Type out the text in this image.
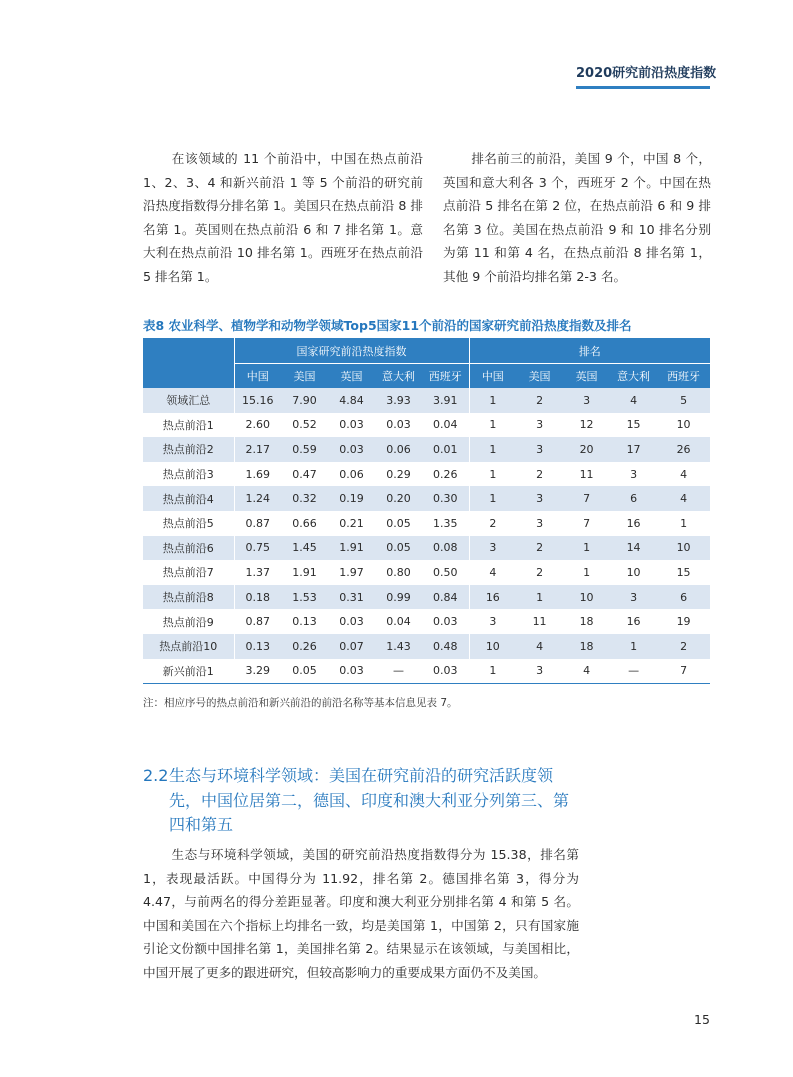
2020研究前沿热度指数

在该领域的 11 个前沿中，中国在热点前沿 1、2、3、4 和新兴前沿 1 等 5 个前沿的研究前沿热度指数得分排名第 1。美国只在热点前沿 8 排名第 1。英国则在热点前沿 6 和 7 排名第 1。意大利在热点前沿 10 排名第 1。西班牙在热点前沿 5 排名第 1。

排名前三的前沿，美国 9 个，中国 8 个，英国和意大利各 3 个，西班牙 2 个。中国在热点前沿 5 排名在第 2 位，在热点前沿 6 和 9 排名第 3 位。美国在热点前沿 9 和 10 排名分别为第 11 和第 4 名，在热点前沿 8 排名第 1，其他 9 个前沿均排名第 2-3 名。

表8 农业科学、植物学和动物学领域Top5国家11个前沿的国家研究前沿热度指数及排名
	国家研究前沿热度指数					排名				
	中国	美国	英国	意大利	西班牙	中国	美国	英国	意大利	西班牙
领域汇总	15.16	7.90	4.84	3.93	3.91	1	2	3	4	5
热点前沿1	2.60	0.52	0.03	0.03	0.04	1	3	12	15	10
热点前沿2	2.17	0.59	0.03	0.06	0.01	1	3	20	17	26
热点前沿3	1.69	0.47	0.06	0.29	0.26	1	2	11	3	4
热点前沿4	1.24	0.32	0.19	0.20	0.30	1	3	7	6	4
热点前沿5	0.87	0.66	0.21	0.05	1.35	2	3	7	16	1
热点前沿6	0.75	1.45	1.91	0.05	0.08	3	2	1	14	10
热点前沿7	1.37	1.91	1.97	0.80	0.50	4	2	1	10	15
热点前沿8	0.18	1.53	0.31	0.99	0.84	16	1	10	3	6
热点前沿9	0.87	0.13	0.03	0.04	0.03	3	11	18	16	19
热点前沿10	0.13	0.26	0.07	1.43	0.48	10	4	18	1	2
新兴前沿1	3.29	0.05	0.03	—	0.03	1	3	4	—	7
注：相应序号的热点前沿和新兴前沿的前沿名称等基本信息见表 7。
2.2生态与环境科学领域：美国在研究前沿的研究活跃度领
先，中国位居第二，德国、印度和澳大利亚分列第三、第
四和第五

生态与环境科学领域，美国的研究前沿热度指数得分为 15.38，排名第 1，表现最活跃。中国得分为 11.92，排名第 2。德国排名第 3，得分为 4.47，与前两名的得分差距显著。印度和澳大利亚分别排名第 4 和第 5 名。中国和美国在六个指标上均排名一致，均是美国第 1，中国第 2，只有国家施引论文份额中国排名第 1，美国排名第 2。结果显示在该领域，与美国相比，中国开展了更多的跟进研究，但较高影响力的重要成果方面仍不及美国。

15
